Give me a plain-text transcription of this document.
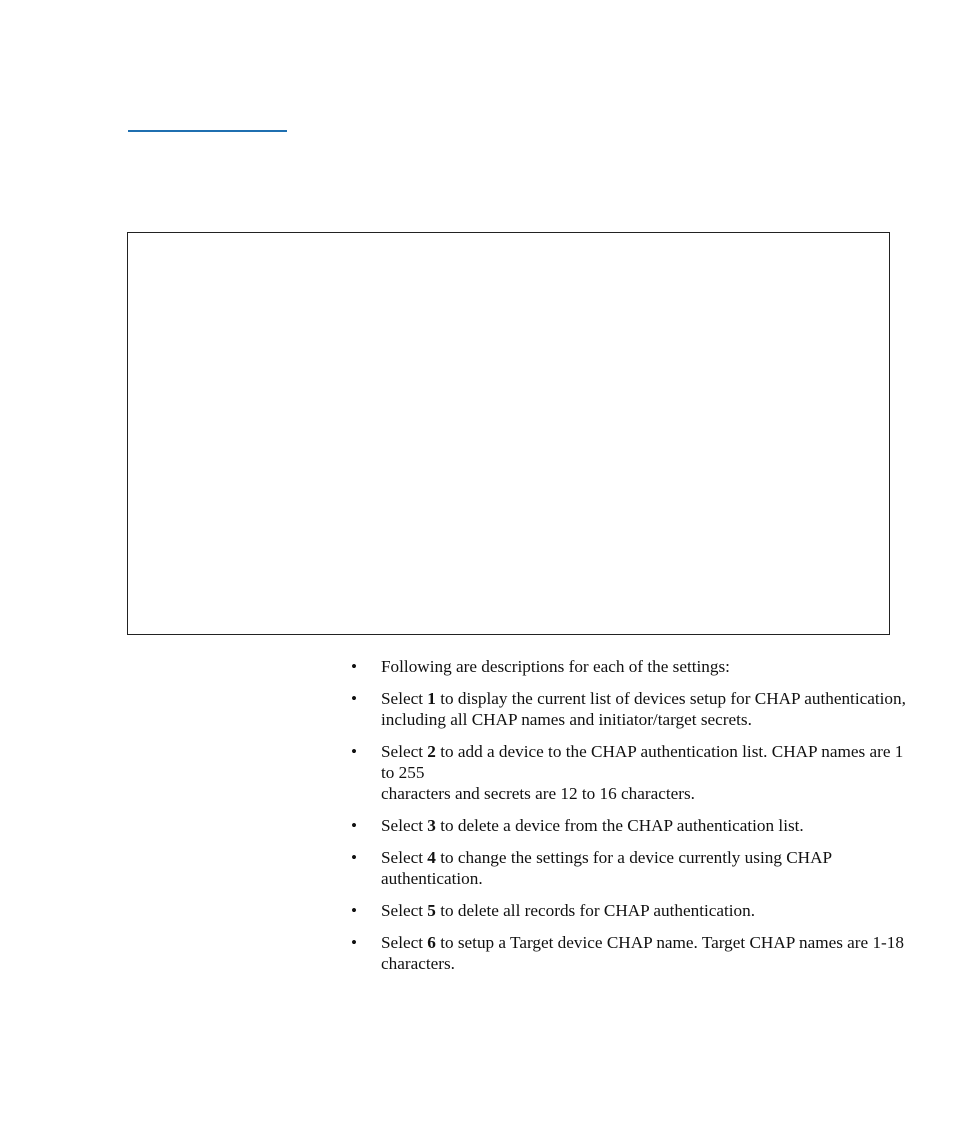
• Following are descriptions for each of the settings:
• Select 1 to display the current list of devices setup for CHAP authentication, including all CHAP names and initiator/target secrets.
• Select 2 to add a device to the CHAP authentication list. CHAP names are 1 to 255
characters and secrets are 12 to 16 characters.
• Select 3 to delete a device from the CHAP authentication list.
• Select 4 to change the settings for a device currently using CHAP authentication.
• Select 5 to delete all records for CHAP authentication.
• Select 6 to setup a Target device CHAP name. Target CHAP names are 1-18 characters.
